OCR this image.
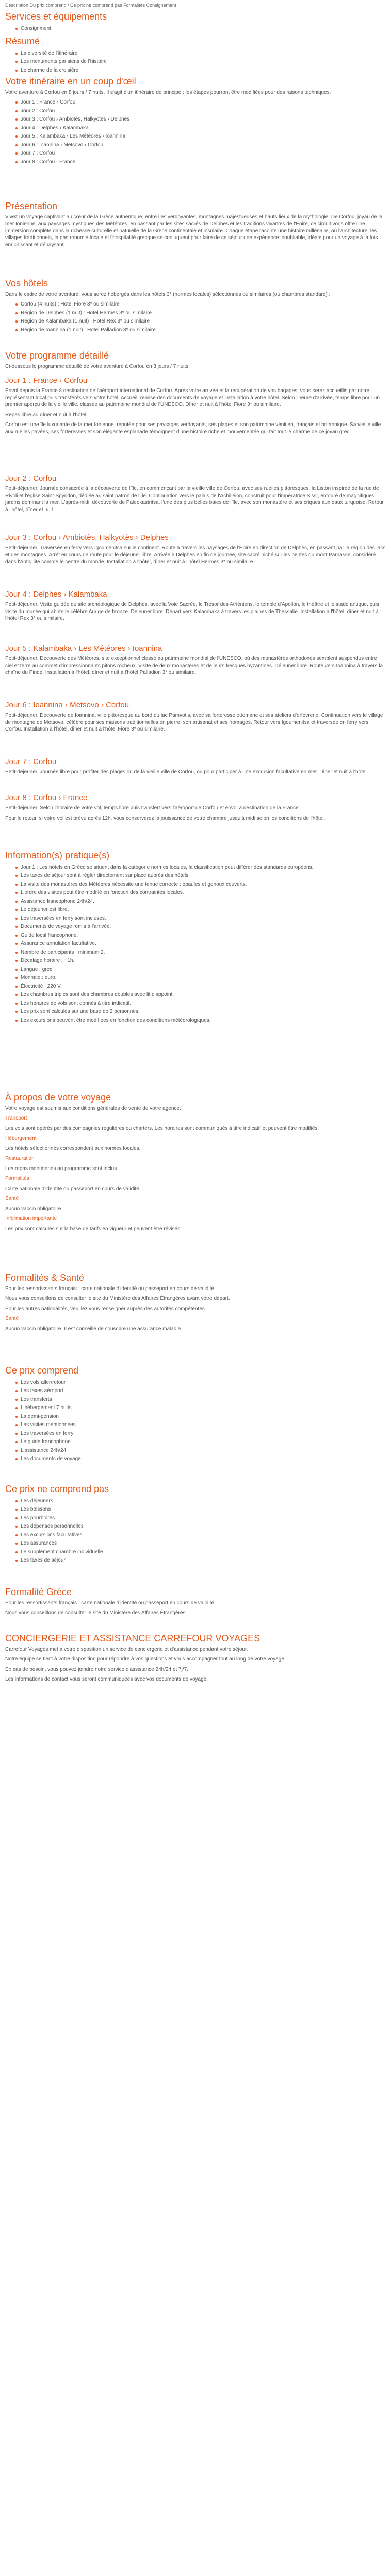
Description Du prix comprend / Ce prix ne comprend pas Formalités Consignement
Services et équipements
Consignment
Résumé
La diversité de l'itinéraire
Les monuments parisiens de l'histoire
Le charme de la croisière
Votre itinéraire en un coup d'œil

Votre aventure à Corfou en 8 jours / 7 nuits. Il s'agit d'un itinéraire de principe : les étapes pourront être modifiées pour des raisons techniques.

Jour 1 : France › Corfou
Jour 2 : Corfou
Jour 3 : Corfou › Ambiotès, Halkyotès › Delphes
Jour 4 : Delphes › Kalambaka
Jour 5 : Kalambaka › Les Météores › Ioannina
Jour 6 : Ioannina › Metsovo › Corfou
Jour 7 : Corfou
Jour 8 : Corfou › France
Présentation

Vivez un voyage captivant au cœur de la Grèce authentique, entre îles verdoyantes, montagnes majestueuses et hauts lieux de la mythologie. De Corfou, joyau de la mer Ionienne, aux paysages mystiques des Météores, en passant par les sites sacrés de Delphes et les traditions vivantes de l'Épire, ce circuit vous offre une immersion complète dans la richesse culturelle et naturelle de la Grèce continentale et insulaire. Chaque étape raconte une histoire millénaire, où l'architecture, les villages traditionnels, la gastronomie locale et l'hospitalité grecque se conjuguent pour faire de ce séjour une expérience inoubliable, idéale pour un voyage à la fois enrichissant et dépaysant.

Vos hôtels

Dans le cadre de votre aventure, vous serez hébergés dans les hôtels 3* (normes locales) sélectionnés ou similaires (ou chambres standard) :

Corfou (4 nuits) : Hotel Fiore 3* ou similaire
Région de Delphes (1 nuit) : Hotel Hermes 3* ou similaire
Région de Kalambaka (1 nuit) : Hotel Rex 3* ou similaire
Région de Ioannina (1 nuit) : Hotel Palladion 3* ou similaire
Votre programme détaillé

Ci-dessous le programme détaillé de votre aventure à Corfou en 8 jours / 7 nuits.

Jour 1 : France › Corfou

Envol depuis la France à destination de l'aéroport international de Corfou. Après votre arrivée et la récupération de vos bagages, vous serez accueillis par notre représentant local puis transférés vers votre hôtel. Accueil, remise des documents de voyage et installation à votre hôtel. Selon l'heure d'arrivée, temps libre pour un premier aperçu de la vieille ville, classée au patrimoine mondial de l'UNESCO. Dîner et nuit à l'hôtel Fiore 3* ou similaire.

Repas libre au dîner et nuit à l'hôtel.

Corfou est une île luxuriante de la mer Ionienne, réputée pour ses paysages verdoyants, ses plages et son patrimoine vénitien, français et britannique. Sa vieille ville aux ruelles pavées, ses forteresses et son élégante esplanade témoignent d'une histoire riche et mouvementée qui fait tout le charme de ce joyau grec.

Jour 2 : Corfou

Petit-déjeuner. Journée consacrée à la découverte de l'île, en commençant par la vieille ville de Corfou, avec ses ruelles pittoresques, la Liston inspirée de la rue de Rivoli et l'église Saint-Spyridon, dédiée au saint patron de l'île. Continuation vers le palais de l'Achilléion, construit pour l'impératrice Sissi, entouré de magnifiques jardins dominant la mer. L'après-midi, découverte de Paleokastritsa, l'une des plus belles baies de l'île, avec son monastère et ses criques aux eaux turquoise. Retour à l'hôtel, dîner et nuit.

Jour 3 : Corfou › Ambiotès, Halkyotès › Delphes

Petit-déjeuner. Traversée en ferry vers Igoumenitsa sur le continent. Route à travers les paysages de l'Épire en direction de Delphes, en passant par la région des lacs et des montagnes. Arrêt en cours de route pour le déjeuner libre. Arrivée à Delphes en fin de journée, site sacré niché sur les pentes du mont Parnasse, considéré dans l'Antiquité comme le centre du monde. Installation à l'hôtel, dîner et nuit à l'hôtel Hermes 3* ou similaire.

Jour 4 : Delphes › Kalambaka

Petit-déjeuner. Visite guidée du site archéologique de Delphes, avec la Voie Sacrée, le Trésor des Athéniens, le temple d'Apollon, le théâtre et le stade antique, puis visite du musée qui abrite le célèbre Aurige de bronze. Déjeuner libre. Départ vers Kalambaka à travers les plaines de Thessalie. Installation à l'hôtel, dîner et nuit à l'hôtel Rex 3* ou similaire.

Jour 5 : Kalambaka › Les Météores › Ioannina

Petit-déjeuner. Découverte des Météores, site exceptionnel classé au patrimoine mondial de l'UNESCO, où des monastères orthodoxes semblent suspendus entre ciel et terre au sommet d'impressionnants pitons rocheux. Visite de deux monastères et de leurs fresques byzantines. Déjeuner libre. Route vers Ioannina à travers la chaîne du Pinde. Installation à l'hôtel, dîner et nuit à l'hôtel Palladion 3* ou similaire.

Jour 6 : Ioannina › Metsovo › Corfou

Petit-déjeuner. Découverte de Ioannina, ville pittoresque au bord du lac Pamvotis, avec sa forteresse ottomane et ses ateliers d'orfèvrerie. Continuation vers le village de montagne de Metsovo, célèbre pour ses maisons traditionnelles en pierre, son artisanat et ses fromages. Retour vers Igoumenitsa et traversée en ferry vers Corfou. Installation à l'hôtel, dîner et nuit à l'hôtel Fiore 3* ou similaire.

Jour 7 : Corfou

Petit-déjeuner. Journée libre pour profiter des plages ou de la vieille ville de Corfou, ou pour participer à une excursion facultative en mer. Dîner et nuit à l'hôtel.

Jour 8 : Corfou › France

Petit-déjeuner. Selon l'horaire de votre vol, temps libre puis transfert vers l'aéroport de Corfou et envol à destination de la France.

Pour le retour, si votre vol est prévu après 12h, vous conserverez la jouissance de votre chambre jusqu'à midi selon les conditions de l'hôtel.

Information(s) pratique(s)
Jour 1 : Les hôtels en Grèce se situent dans la catégorie normes locales, la classification peut différer des standards européens.
Les taxes de séjour sont à régler directement sur place auprès des hôtels.
La visite des monastères des Météores nécessite une tenue correcte : épaules et genoux couverts.
L'ordre des visites peut être modifié en fonction des contraintes locales.
Assistance francophone 24h/24.
Le déjeuner est libre.
Les traversées en ferry sont incluses.
Documents de voyage remis à l'arrivée.
Guide local francophone.
Assurance annulation facultative.
Nombre de participants : minimum 2.
Décalage horaire : +1h.
Langue : grec.
Monnaie : euro.
Électricité : 220 V.
Les chambres triples sont des chambres doubles avec lit d'appoint.
Les horaires de vols sont donnés à titre indicatif.
Les prix sont calculés sur une base de 2 personnes.
Les excursions peuvent être modifiées en fonction des conditions météorologiques.
À propos de votre voyage

Votre voyage est soumis aux conditions générales de vente de votre agence.

Transport

Les vols sont opérés par des compagnies régulières ou charters. Les horaires sont communiqués à titre indicatif et peuvent être modifiés.

Hébergement

Les hôtels sélectionnés correspondent aux normes locales.

Restauration

Les repas mentionnés au programme sont inclus.

Formalités

Carte nationale d'identité ou passeport en cours de validité.

Santé

Aucun vaccin obligatoire.

Information importante

Les prix sont calculés sur la base de tarifs en vigueur et peuvent être révisés.

Formalités & Santé

Pour les ressortissants français : carte nationale d'identité ou passeport en cours de validité.

Nous vous conseillons de consulter le site du Ministère des Affaires Étrangères avant votre départ.

Pour les autres nationalités, veuillez vous renseigner auprès des autorités compétentes.

Santé

Aucun vaccin obligatoire. Il est conseillé de souscrire une assurance maladie.

Ce prix comprend
Les vols aller/retour
Les taxes aéroport
Les transferts
L'hébergement 7 nuits
La demi-pension
Les visites mentionnées
Les traversées en ferry
Le guide francophone
L'assistance 24h/24
Les documents de voyage
Ce prix ne comprend pas
Les déjeuners
Les boissons
Les pourboires
Les dépenses personnelles
Les excursions facultatives
Les assurances
Le supplément chambre individuelle
Les taxes de séjour
Formalité Grèce

Pour les ressortissants français : carte nationale d'identité ou passeport en cours de validité.

Nous vous conseillons de consulter le site du Ministère des Affaires Étrangères.

CONCIERGERIE ET ASSISTANCE CARREFOUR VOYAGES

Carrefour Voyages met à votre disposition un service de conciergerie et d'assistance pendant votre séjour.

Notre équipe se tient à votre disposition pour répondre à vos questions et vous accompagner tout au long de votre voyage.

En cas de besoin, vous pouvez joindre notre service d'assistance 24h/24 et 7j/7.

Les informations de contact vous seront communiquées avec vos documents de voyage.
